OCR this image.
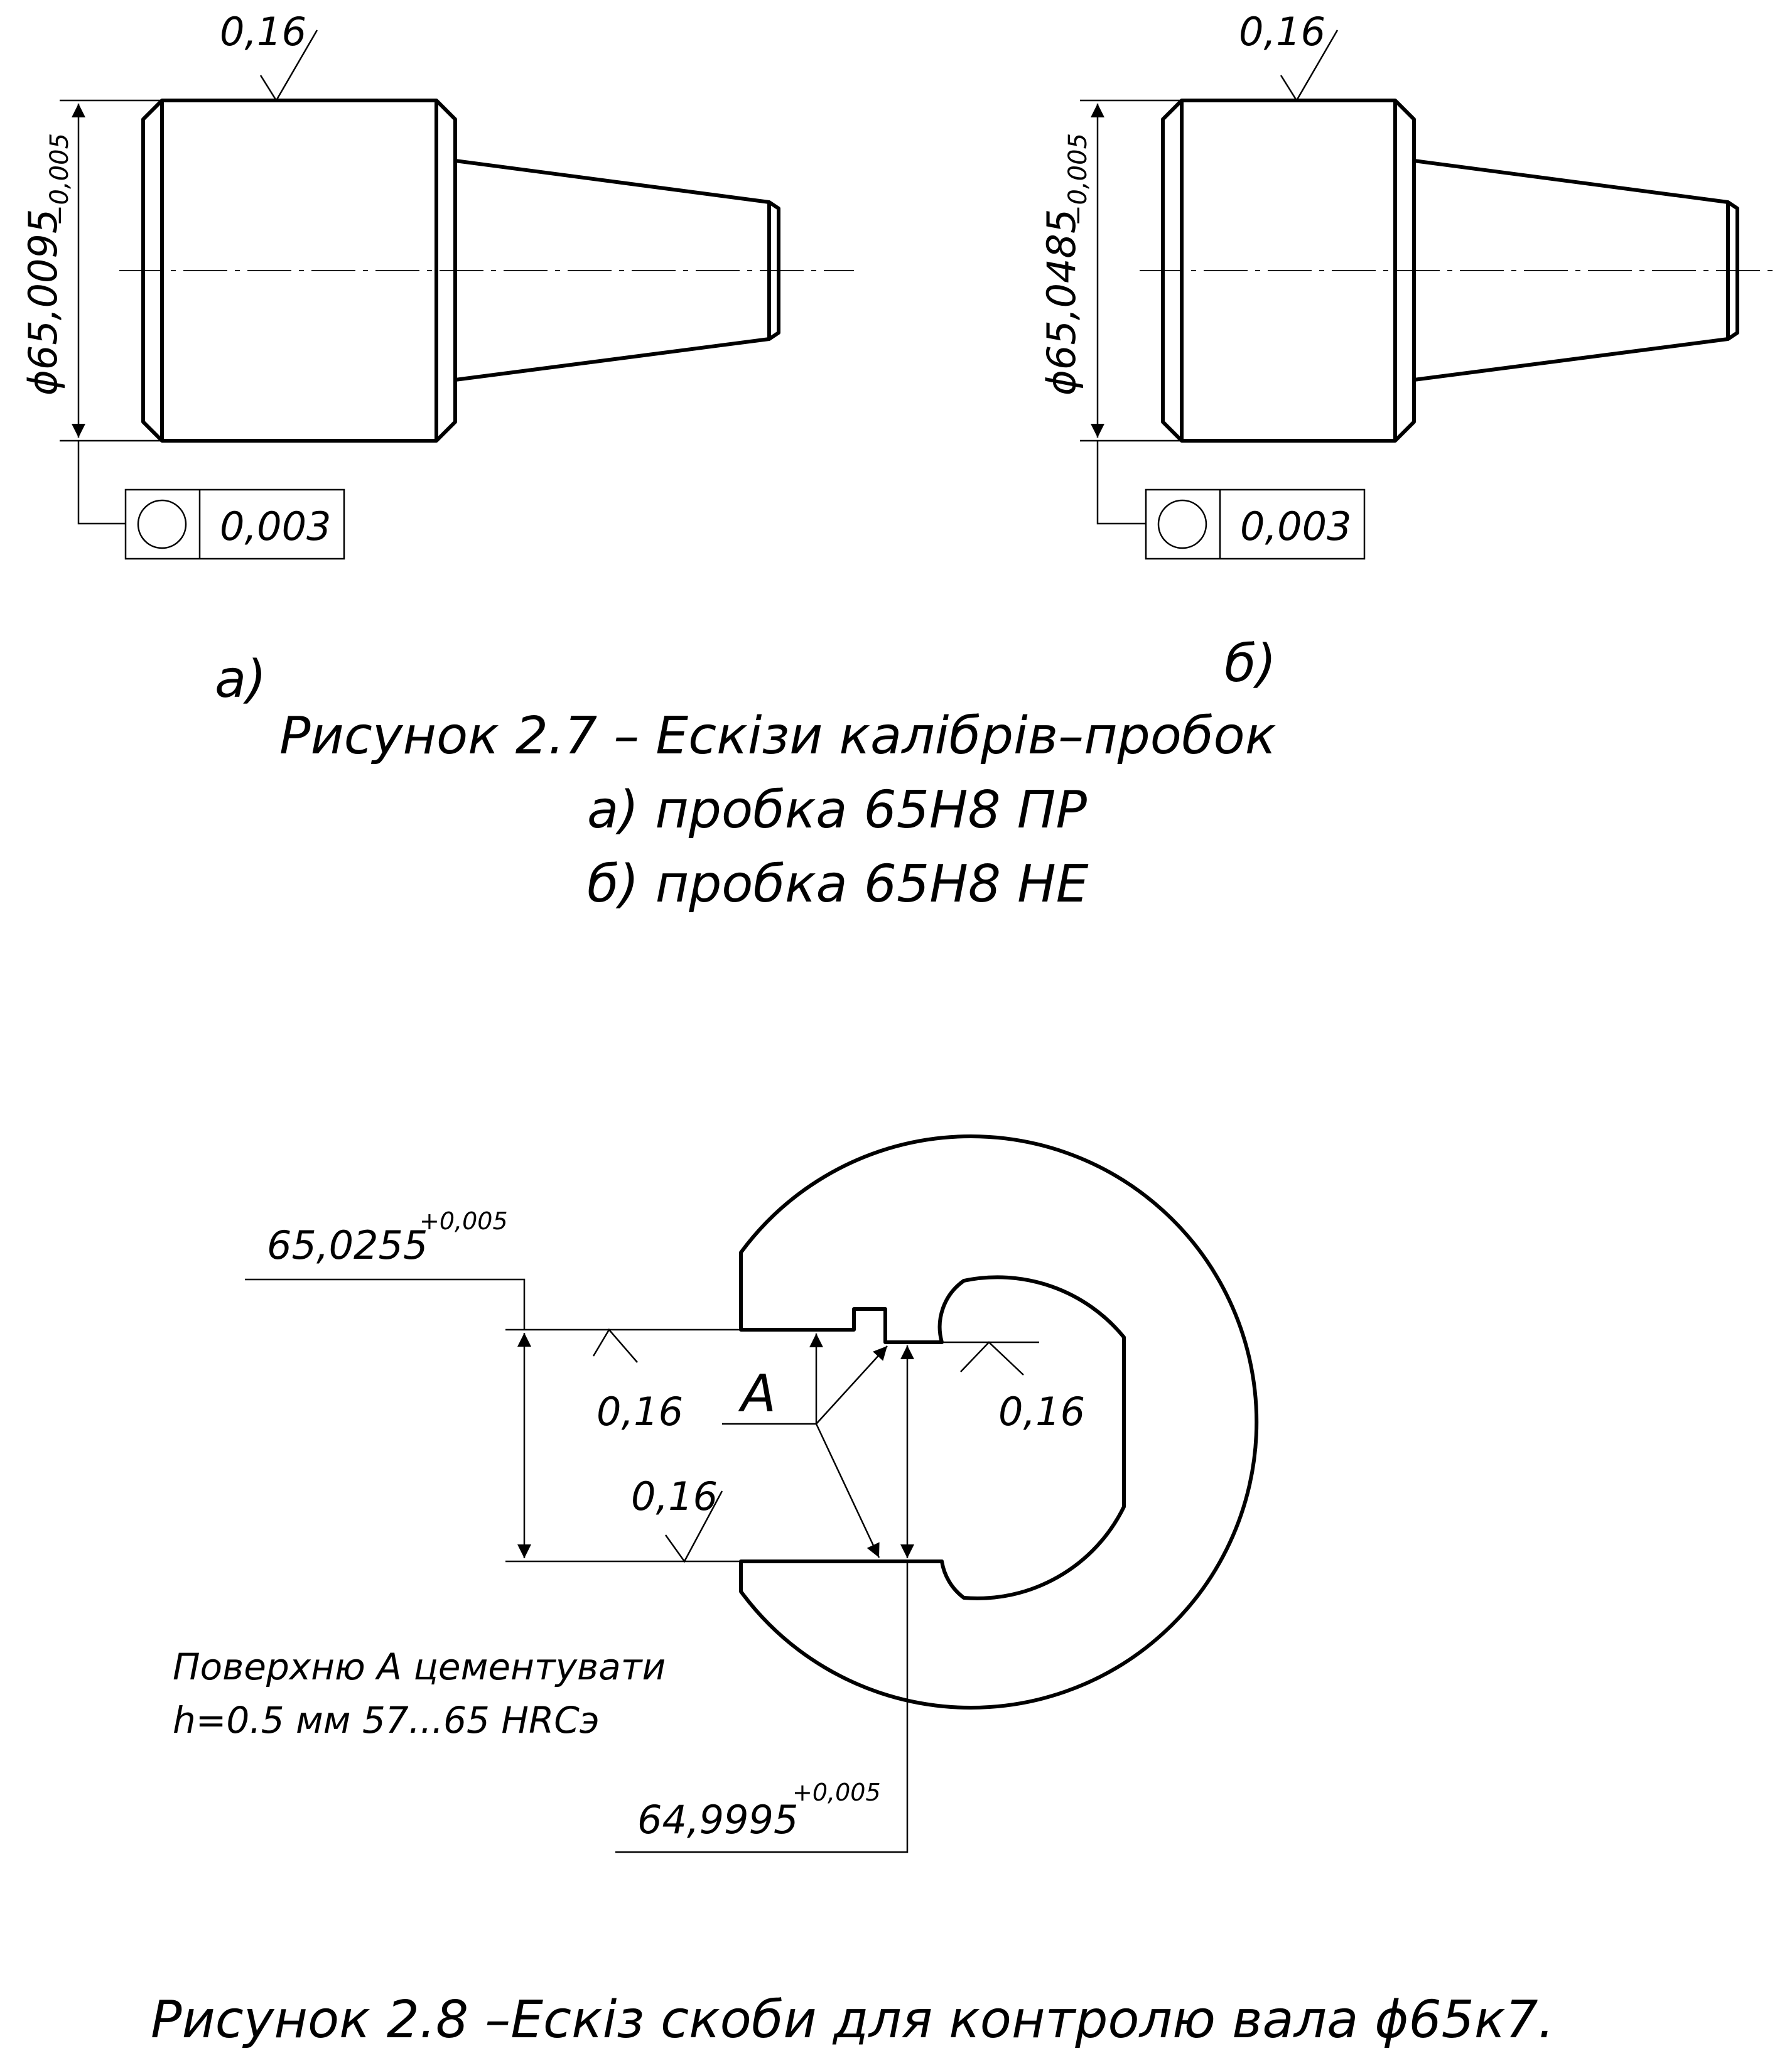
ϕ65,0095
−0,005
0,16
0,003
а)
ϕ65,0485
−0,005
0,16
0,003
б)
Рисунок 2.7 – Ескізи калібрів–пробок
а) пробка 65Н8 ПР
б) пробка 65Н8 НЕ
65,0255
+0,005
64,9995
+0,005
0,16	0,16
0,16
A
Поверхню A цементувати
h=0.5 мм 57...65 HRCэ
Рисунок 2.8 –Ескіз скоби для контролю вала ϕ65к7.
